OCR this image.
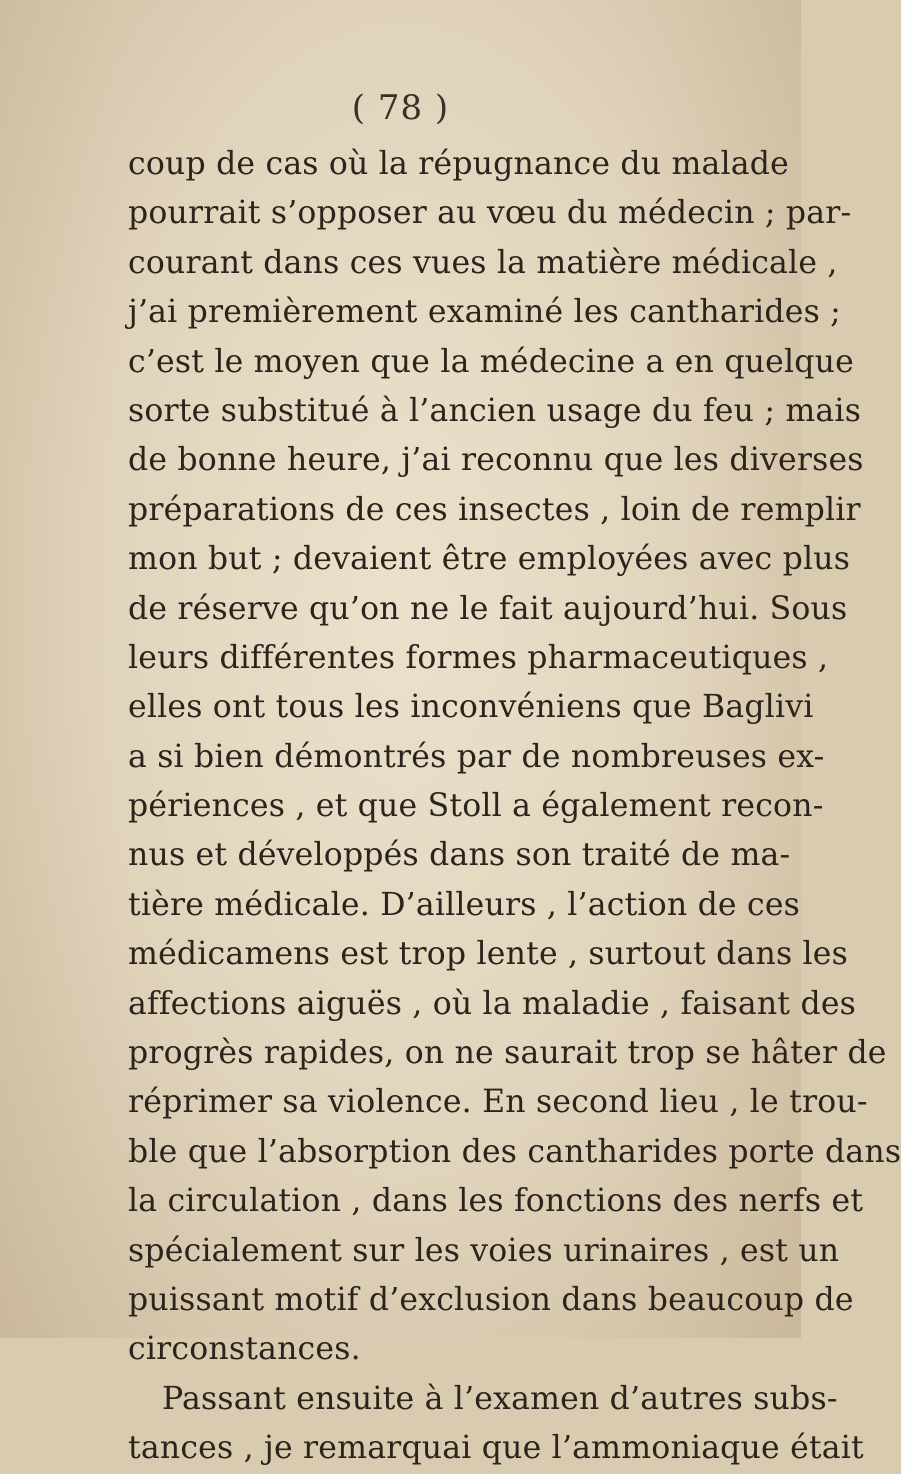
( 78 )
coup de cas où la répugnance du malade
pourrait s’opposer au vœu du médecin ; par-
courant dans ces vues la matière médicale ,
j’ai premièrement examiné les cantharides ;
c’est le moyen que la médecine a en quelque
sorte substitué à l’ancien usage du feu ; mais
de bonne heure, j’ai reconnu que les diverses
préparations de ces insectes , loin de remplir
mon but ; devaient être employées avec plus
de réserve qu’on ne le fait aujourd’hui. Sous
leurs différentes formes pharmaceutiques ,
elles ont tous les inconvéniens que Baglivi
a si bien démontrés par de nombreuses ex-
périences , et que Stoll a également recon-
nus et développés dans son traité de ma-
tière médicale. D’ailleurs , l’action de ces
médicamens est trop lente , surtout dans les
affections aiguës , où la maladie , faisant des
progrès rapides, on ne saurait trop se hâter de
réprimer sa violence. En second lieu , le trou-
ble que l’absorption des cantharides porte dans
la circulation , dans les fonctions des nerfs et
spécialement sur les voies urinaires , est un
puissant motif d’exclusion dans beaucoup de
circonstances.
Passant ensuite à l’examen d’autres subs-
tances , je remarquai que l’ammoniaque était
